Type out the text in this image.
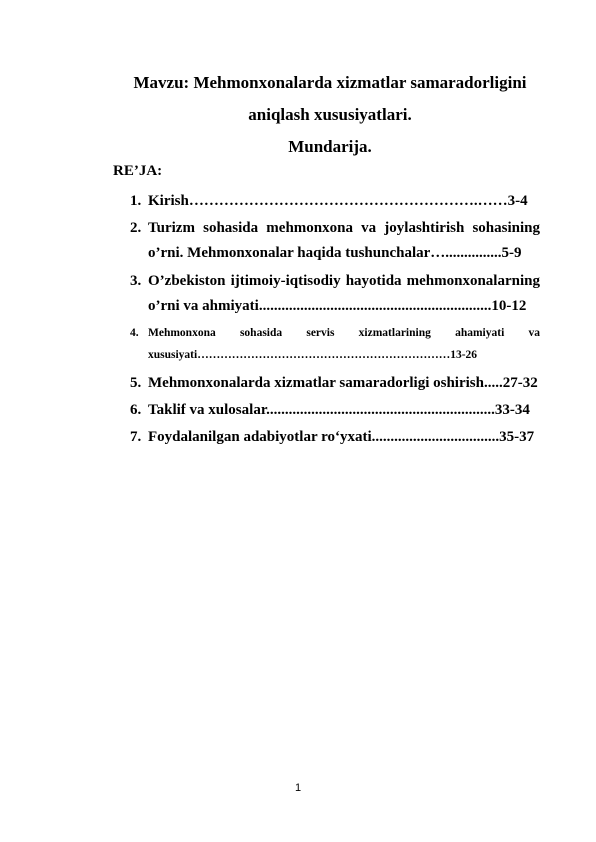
Mavzu: Mehmonxonalarda xizmatlar samaradorligini
aniqlash xususiyatlari.
Mundarija.
RE’JA:
1. Kirish………………………………………………….……3-4
2. Turizm sohasida mehmonxona va joylashtirish sohasining
o’rni. Mehmonxonalar haqida tushunchalar…...............5-9
3. O’zbekiston ijtimoiy-iqtisodiy hayotida mehmonxonalarning
o’rni va ahmiyati..............................................................10-12
4. Mehmonxona sohasida servis xizmatlarining ahamiyati va
xususiyati…………………………………………………………13-26
5. Mehmonxonalarda xizmatlar samaradorligi oshirish.....27-32
6. Taklif va xulosalar.............................................................33-34
7. Foydalanilgan adabiyotlar ro‘yxati..................................35-37
1
